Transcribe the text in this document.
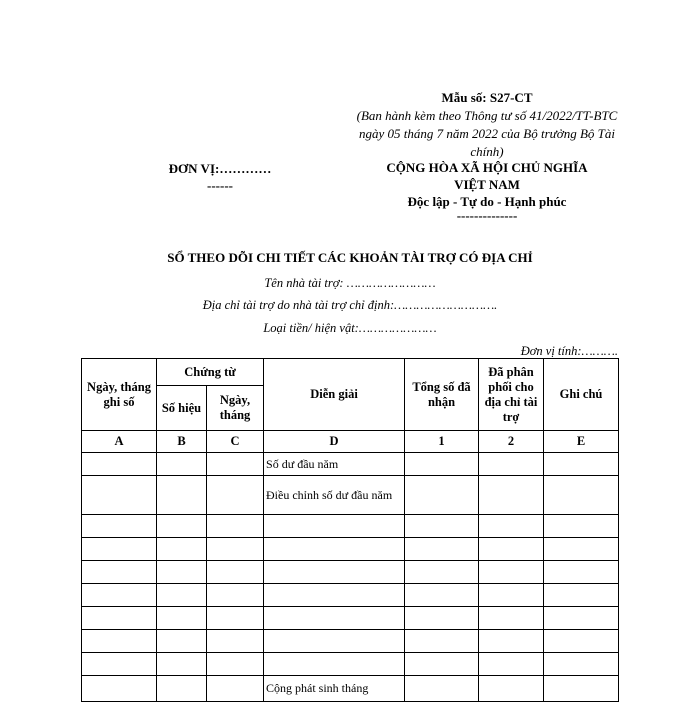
Mẫu số: S27-CT
(Ban hành kèm theo Thông tư số 41/2022/TT-BTC ngày 05 tháng 7 năm 2022 của Bộ trưởng Bộ Tài chính)
ĐƠN VỊ:…………
------
CỘNG HÒA XÃ HỘI CHỦ NGHĨA
VIỆT NAM
Độc lập - Tự do - Hạnh phúc
--------------
SỔ THEO DÕI CHI TIẾT CÁC KHOẢN TÀI TRỢ CÓ ĐỊA CHỈ
Tên nhà tài trợ: ……………………
Địa chỉ tài trợ do nhà tài trợ chỉ định:……………………….
Loại tiền/ hiện vật:…………………
Đơn vị tính:……….
Ngày, tháng ghi số	Chứng từ		Diễn giải	Tổng số đã nhận	Đã phân phối cho địa chỉ tài trợ	Ghi chú
	Số hiệu	Ngày, tháng				
A	B	C	D	1	2	E
			Số dư đầu năm			
			Điều chỉnh số dư đầu năm			

			Cộng phát sinh tháng			
